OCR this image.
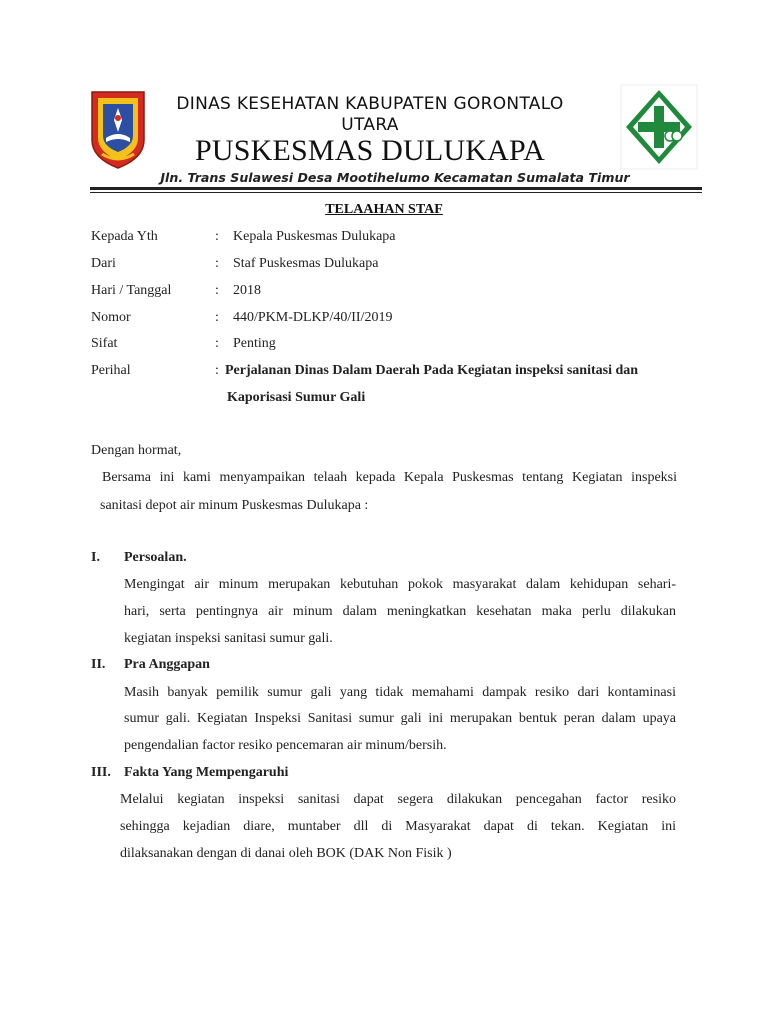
DINAS KESEHATAN KABUPATEN GORONTALO
UTARA
PUSKESMAS DULUKAPA
Jln. Trans Sulawesi Desa Mootihelumo Kecamatan Sumalata Timur
TELAAHAN STAF
Kepada Yth	: Kepala Puskesmas Dulukapa
Dari	: Staf Puskesmas Dulukapa
Hari / Tanggal	: 2018
Nomor	: 440/PKM-DLKP/40/II/2019
Sifat	: Penting
Perihal	: Perjalanan Dinas Dalam Daerah Pada Kegiatan inspeksi sanitasi dan
Kaporisasi Sumur Gali
Dengan hormat,
Bersama ini kami menyampaikan telaah kepada Kepala Puskesmas tentang Kegiatan inspeksi
sanitasi depot air minum Puskesmas Dulukapa :
I. Persoalan.
Mengingat air minum merupakan kebutuhan pokok masyarakat dalam kehidupan sehari-
hari, serta pentingnya air minum dalam meningkatkan kesehatan maka perlu dilakukan
kegiatan inspeksi sanitasi sumur gali.
II. Pra Anggapan
Masih banyak pemilik sumur gali yang tidak memahami dampak resiko dari kontaminasi
sumur gali. Kegiatan Inspeksi Sanitasi sumur gali ini merupakan bentuk peran dalam upaya
pengendalian factor resiko pencemaran air minum/bersih.
III. Fakta Yang Mempengaruhi
Melalui kegiatan inspeksi sanitasi dapat segera dilakukan pencegahan factor resiko
sehingga kejadian diare, muntaber dll di Masyarakat dapat di tekan. Kegiatan ini
dilaksanakan dengan di danai oleh BOK (DAK Non Fisik )
